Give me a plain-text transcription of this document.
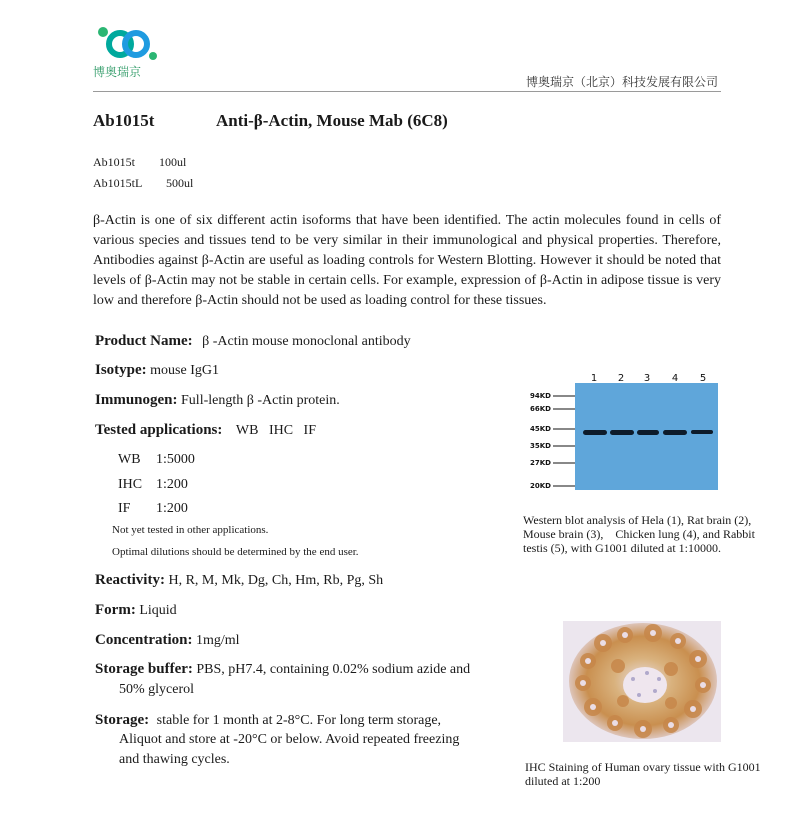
博奥瑞京
博奥瑞京（北京）科技发展有限公司
Ab1015t	Anti-β-Actin, Mouse Mab (6C8)
Ab1015t 100ul
Ab1015tL 500ul
β-Actin is one of six different actin isoforms that have been identified. The actin molecules found in cells of various species and tissues tend to be very similar in their immunological and physical properties. Therefore, Antibodies against β-Actin are useful as loading controls for Western Blotting. However it should be noted that levels of β-Actin may not be stable in certain cells. For example, expression of β-Actin in adipose tissue is very low and therefore β-Actin should not be used as loading control for these tissues.
Product Name: β -Actin mouse monoclonal antibody
Isotype: mouse IgG1
Immunogen: Full-length β -Actin protein.
Tested applications: WB   IHC   IF
WB 1:5000
IHC 1:200
IF 1:200
Not yet tested in other applications.
Optimal dilutions should be determined by the end user.
Reactivity: H, R, M, Mk, Dg, Ch, Hm, Rb, Pg, Sh
Form: Liquid
Concentration: 1mg/ml
Storage buffer: PBS, pH7.4, containing 0.02% sodium azide and
50% glycerol
Storage: stable for 1 month at 2-8°C. For long term storage,
Aliquot and store at -20°C or below. Avoid repeated freezing
and thawing cycles.
1 2 3 4 5
94KD
66KD
45KD
35KD
27KD
20KD
Western blot analysis of Hela (1), Rat brain (2),
Mouse brain (3),    Chicken lung (4), and Rabbit
testis (5), with G1001 diluted at 1:10000.
IHC Staining of Human ovary tissue with G1001
diluted at 1:200
